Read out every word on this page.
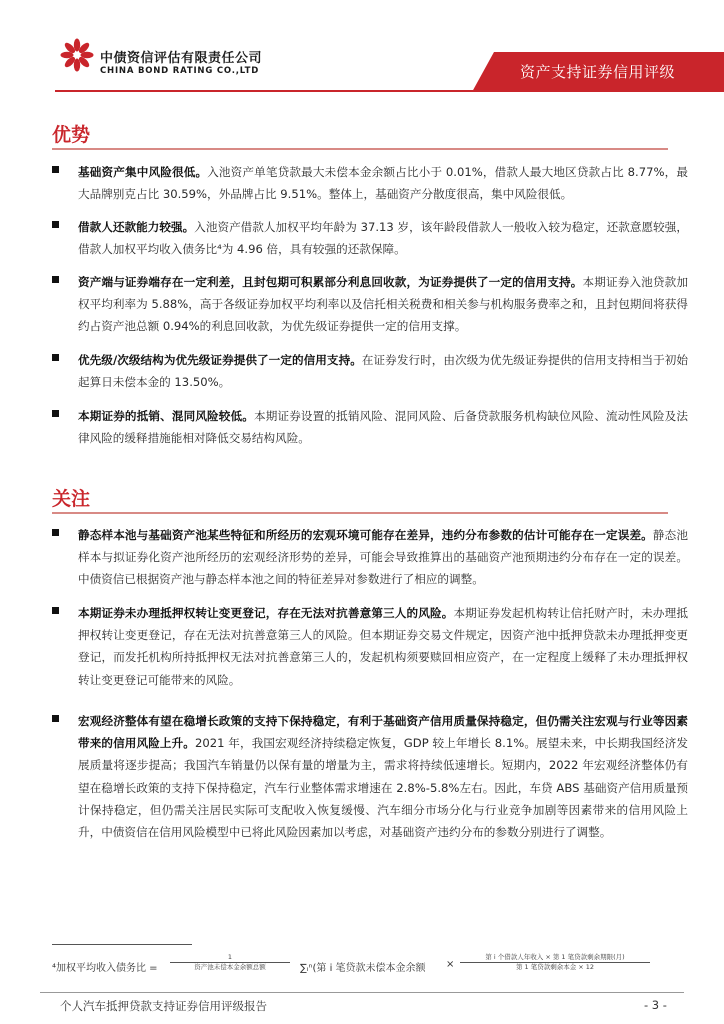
中债资信评估有限责任公司
CHINA BOND RATING CO.,LTD	资产支持证券信用评级
优势

基础资产集中风险很低。入池资产单笔贷款最大未偿本金余额占比小于 0.01%，借款人最大地区贷款占比 8.77%，最大品牌别克占比 30.59%，外品牌占比 9.51%。整体上，基础资产分散度很高，集中风险很低。

借款人还款能力较强。入池资产借款人加权平均年龄为 37.13 岁，该年龄段借款人一般收入较为稳定，还款意愿较强，借款人加权平均收入债务比⁴为 4.96 倍，具有较强的还款保障。

资产端与证券端存在一定利差，且封包期可积累部分利息回收款，为证券提供了一定的信用支持。本期证券入池贷款加权平均利率为 5.88%，高于各级证券加权平均利率以及信托相关税费和相关参与机构服务费率之和，且封包期间将获得约占资产池总额 0.94%的利息回收款，为优先级证券提供一定的信用支撑。

优先级/次级结构为优先级证券提供了一定的信用支持。在证券发行时，由次级为优先级证券提供的信用支持相当于初始起算日未偿本金的 13.50%。

本期证券的抵销、混同风险较低。本期证券设置的抵销风险、混同风险、后备贷款服务机构缺位风险、流动性风险及法律风险的缓释措施能相对降低交易结构风险。

关注

静态样本池与基础资产池某些特征和所经历的宏观环境可能存在差异，违约分布参数的估计可能存在一定误差。静态池样本与拟证券化资产池所经历的宏观经济形势的差异，可能会导致推算出的基础资产池预期违约分布存在一定的误差。中债资信已根据资产池与静态样本池之间的特征差异对参数进行了相应的调整。

本期证券未办理抵押权转让变更登记，存在无法对抗善意第三人的风险。本期证券发起机构转让信托财产时，未办理抵押权转让变更登记，存在无法对抗善意第三人的风险。但本期证券交易文件规定，因资产池中抵押贷款未办理抵押变更登记，而发托机构所持抵押权无法对抗善意第三人的，发起机构须要赎回相应资产，在一定程度上缓释了未办理抵押权转让变更登记可能带来的风险。

宏观经济整体有望在稳增长政策的支持下保持稳定，有利于基础资产信用质量保持稳定，但仍需关注宏观与行业等因素带来的信用风险上升。2021 年，我国宏观经济持续稳定恢复，GDP 较上年增长 8.1%。展望未来，中长期我国经济发展质量将逐步提高；我国汽车销量仍以保有量的增量为主，需求将持续低速增长。短期内，2022 年宏观经济整体仍有望在稳增长政策的支持下保持稳定，汽车行业整体需求增速在 2.8%-5.8%左右。因此，车贷 ABS 基础资产信用质量预计保持稳定，但仍需关注居民实际可支配收入恢复缓慢、汽车细分市场分化与行业竞争加剧等因素带来的信用风险上升，中债资信在信用风险模型中已将此风险因素加以考虑，对基础资产违约分布的参数分别进行了调整。

⁴加权平均收入债务比 =
1
资产池未偿本金余额总额	∑ᵢⁿ(第 i 笔贷款未偿本金余额 ×
第 i 个借款人年收入 × 第 1 笔贷款剩余期限(月)
第 1 笔贷款剩余本金 × 12
个人汽车抵押贷款支持证券信用评级报告	- 3 -
